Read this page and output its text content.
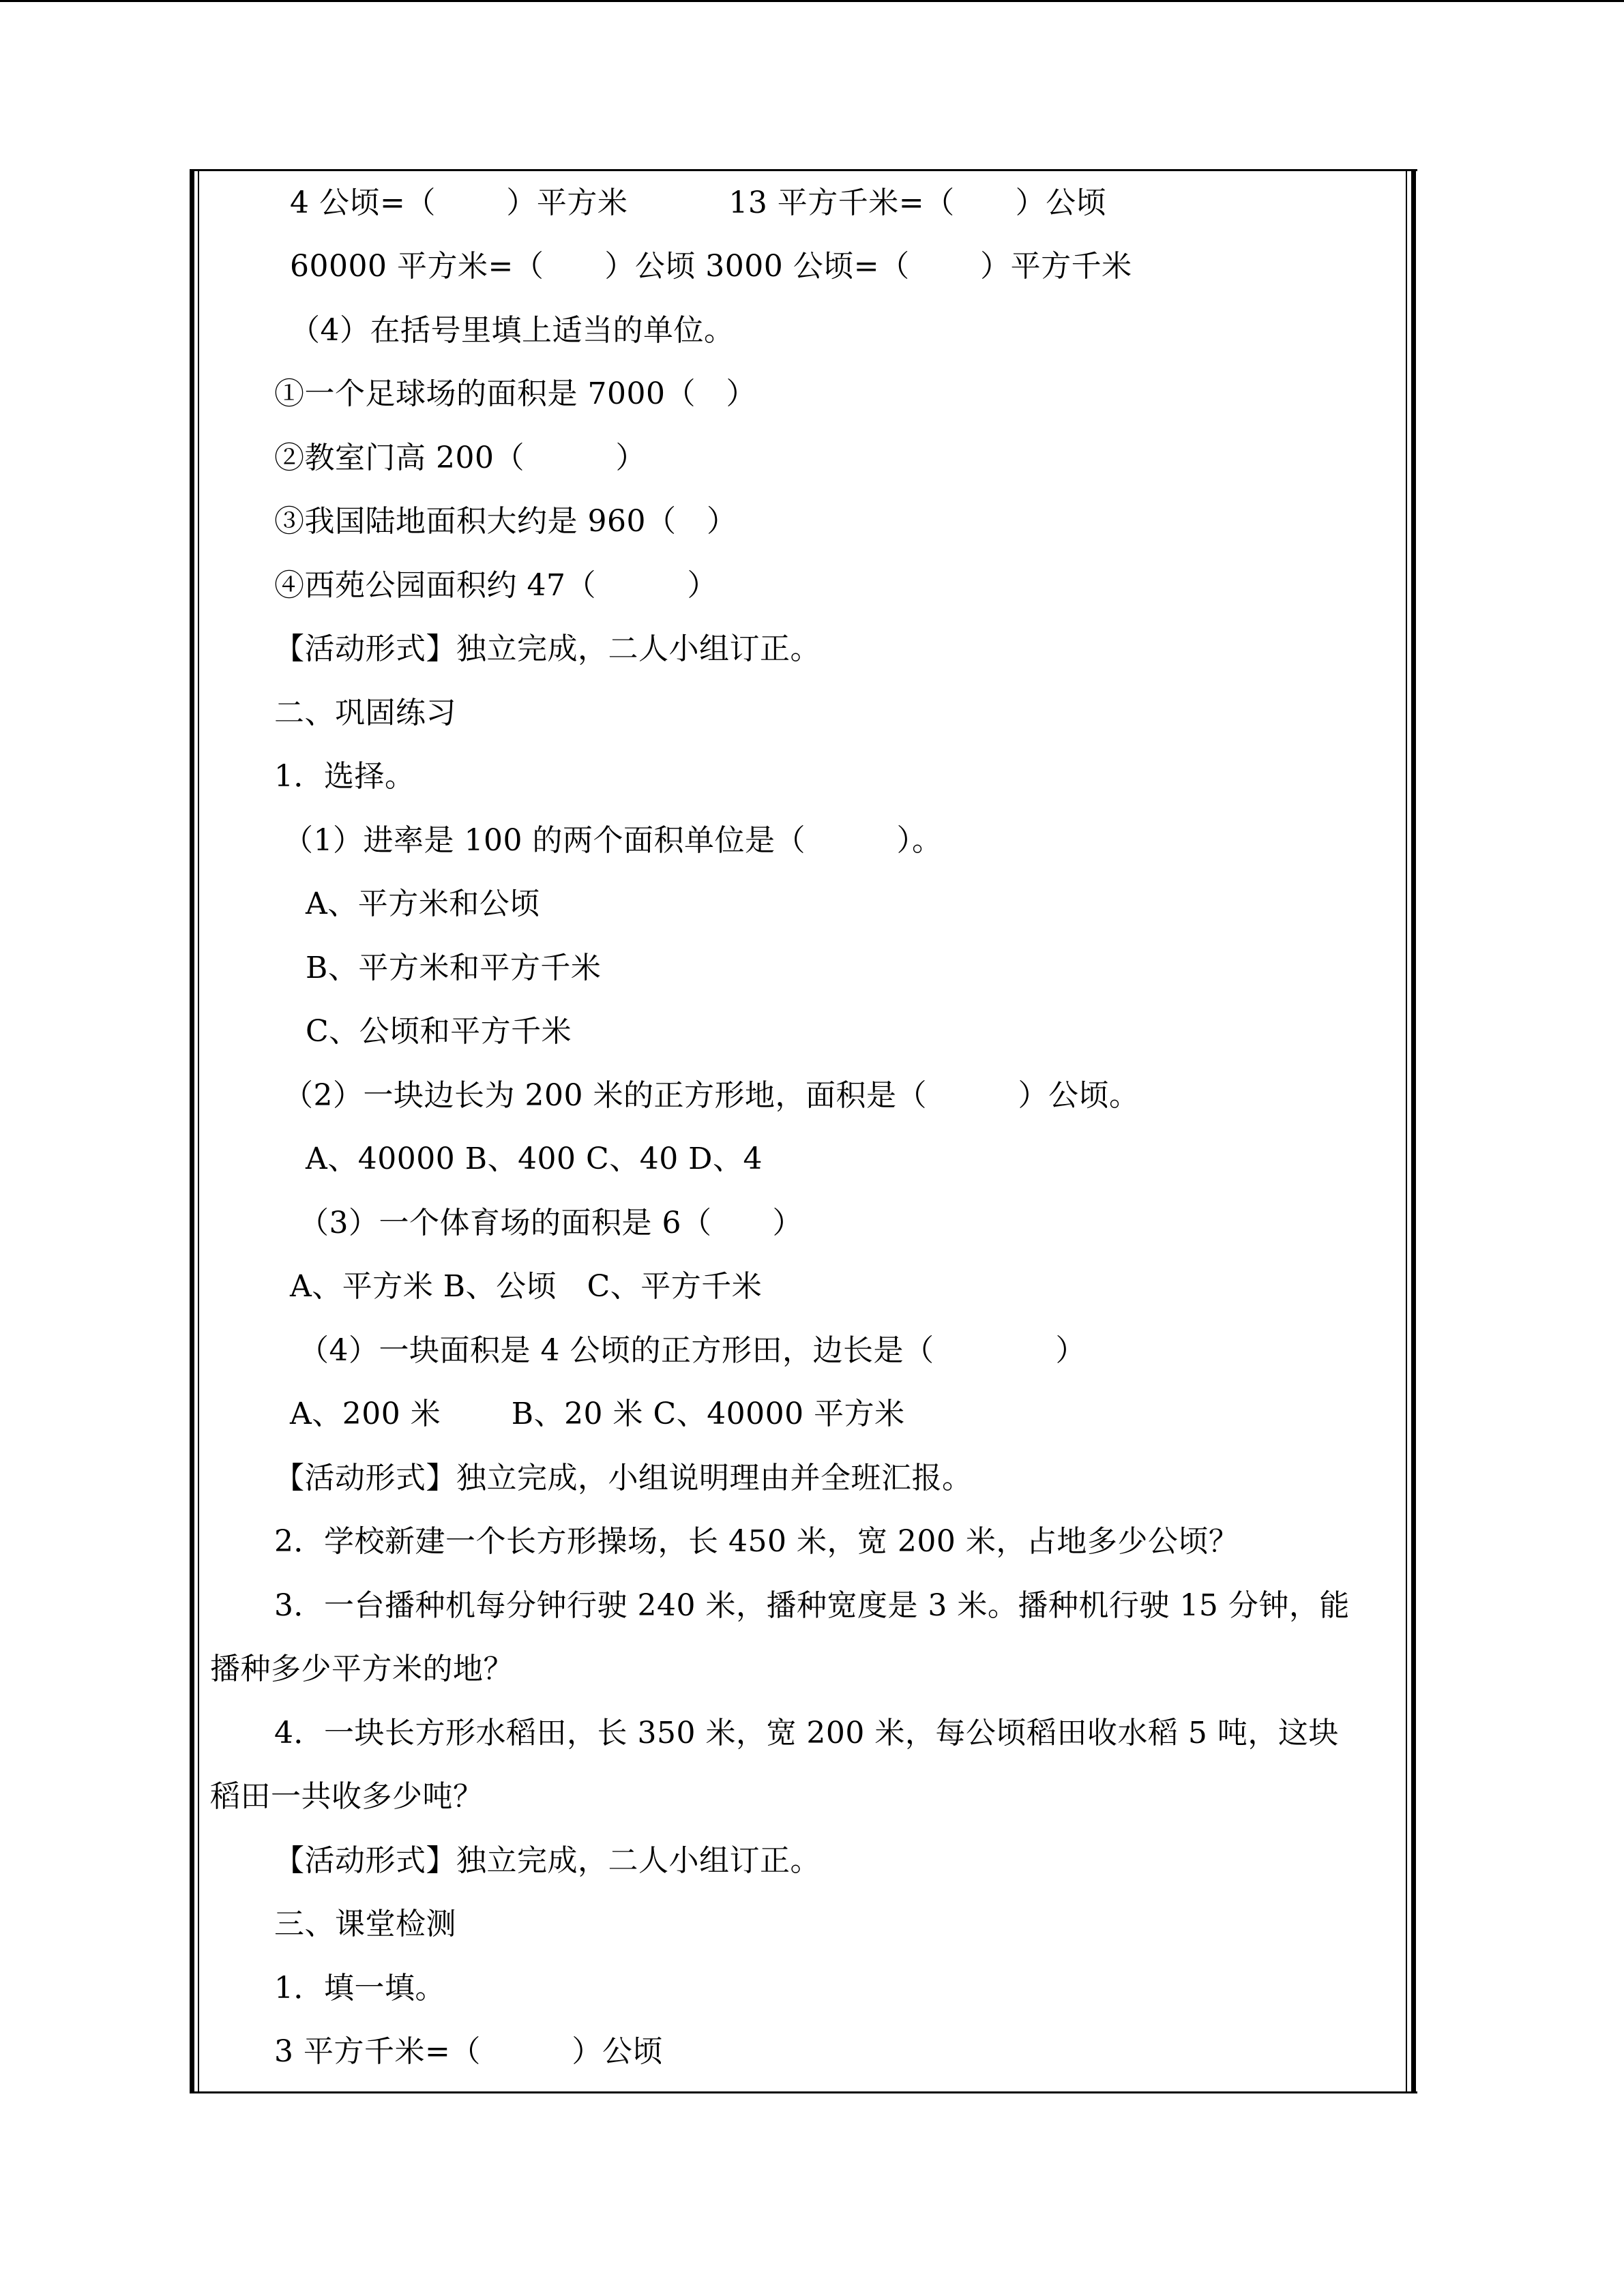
4 公顷=（　　 ）平方米　　　 13 平方千米=（　　）公顷
60000 平方米=（　　）公顷 3000 公顷=（　　 ）平方千米
（4）在括号里填上适当的单位。
①一个足球场的面积是 7000（　）
②教室门高 200（　　　）
③我国陆地面积大约是 960（　）
④西苑公园面积约 47（　　　）
【活动形式】独立完成，二人小组订正。
二、巩固练习
1．选择。
（1）进率是 100 的两个面积单位是（　　　）。
A、平方米和公顷
B、平方米和平方千米
C、公顷和平方千米
（2）一块边长为 200 米的正方形地，面积是（　　　）公顷。
A、40000 B、400 C、40 D、4
（3）一个体育场的面积是 6（　　）
A、平方米 B、公顷　C、平方千米
（4）一块面积是 4 公顷的正方形田，边长是（　　　　）
A、200 米　　 B、20 米 C、40000 平方米
【活动形式】独立完成，小组说明理由并全班汇报。
2．学校新建一个长方形操场，长 450 米，宽 200 米，占地多少公顷？
3．一台播种机每分钟行驶 240 米，播种宽度是 3 米。播种机行驶 15 分钟，能
播种多少平方米的地？
4．一块长方形水稻田，长 350 米，宽 200 米，每公顷稻田收水稻 5 吨，这块
稻田一共收多少吨？
【活动形式】独立完成，二人小组订正。
三、课堂检测
1．填一填。
3 平方千米=（　　　）公顷
